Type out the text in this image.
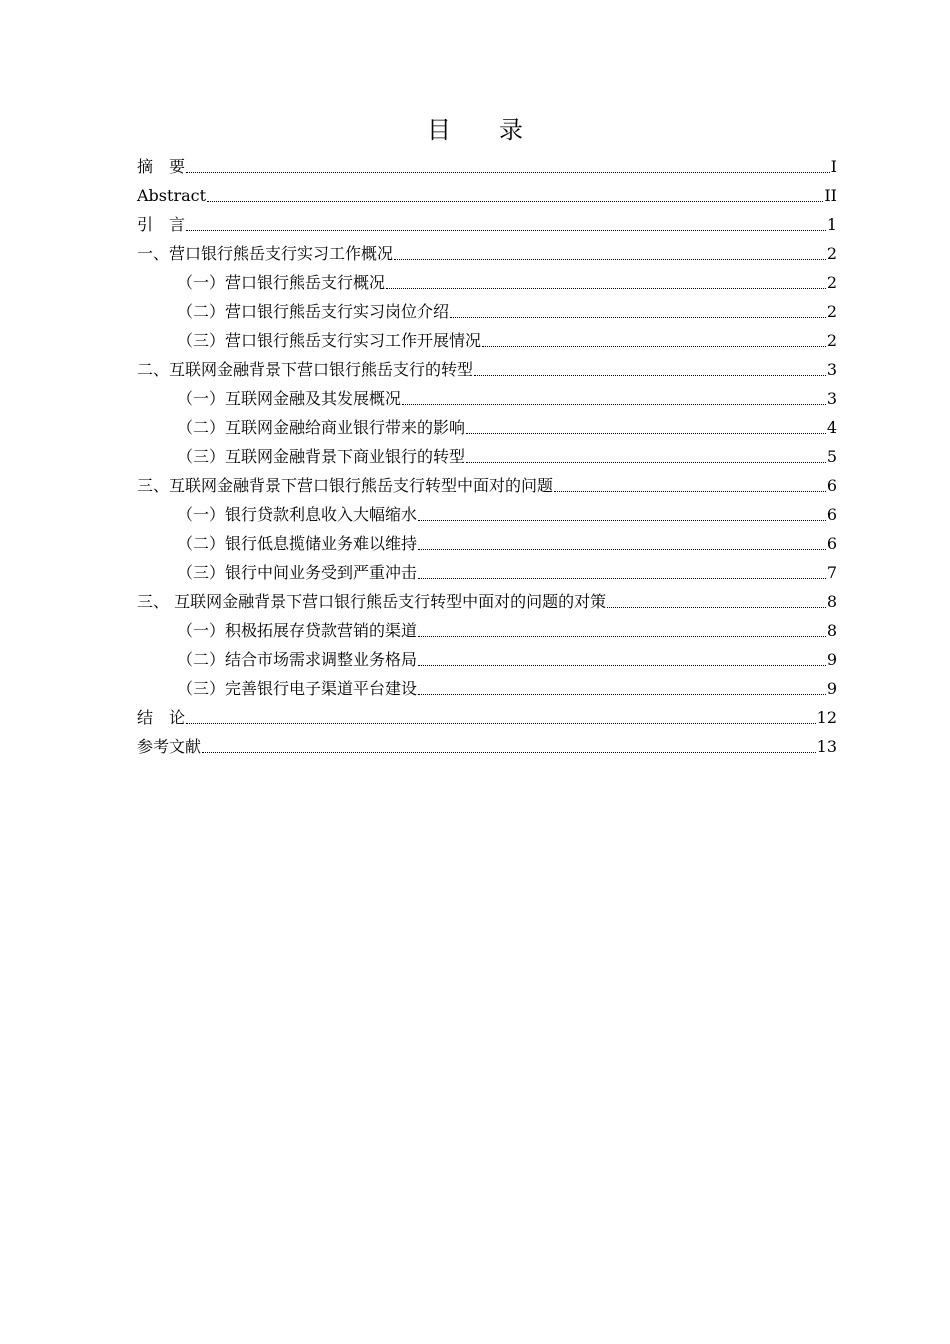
目 录
摘　要	I
Abstract	II
引　言	1
一、营口银行熊岳支行实习工作概况	2
（一）营口银行熊岳支行概况	2
（二）营口银行熊岳支行实习岗位介绍	2
（三）营口银行熊岳支行实习工作开展情况	2
二、互联网金融背景下营口银行熊岳支行的转型	3
（一）互联网金融及其发展概况	3
（二）互联网金融给商业银行带来的影响	4
（三）互联网金融背景下商业银行的转型	5
三、互联网金融背景下营口银行熊岳支行转型中面对的问题	6
（一）银行贷款利息收入大幅缩水	6
（二）银行低息揽储业务难以维持	6
（三）银行中间业务受到严重冲击	7
三、 互联网金融背景下营口银行熊岳支行转型中面对的问题的对策	8
（一）积极拓展存贷款营销的渠道	8
（二）结合市场需求调整业务格局	9
（三）完善银行电子渠道平台建设	9
结　论	12
参考文献	13
